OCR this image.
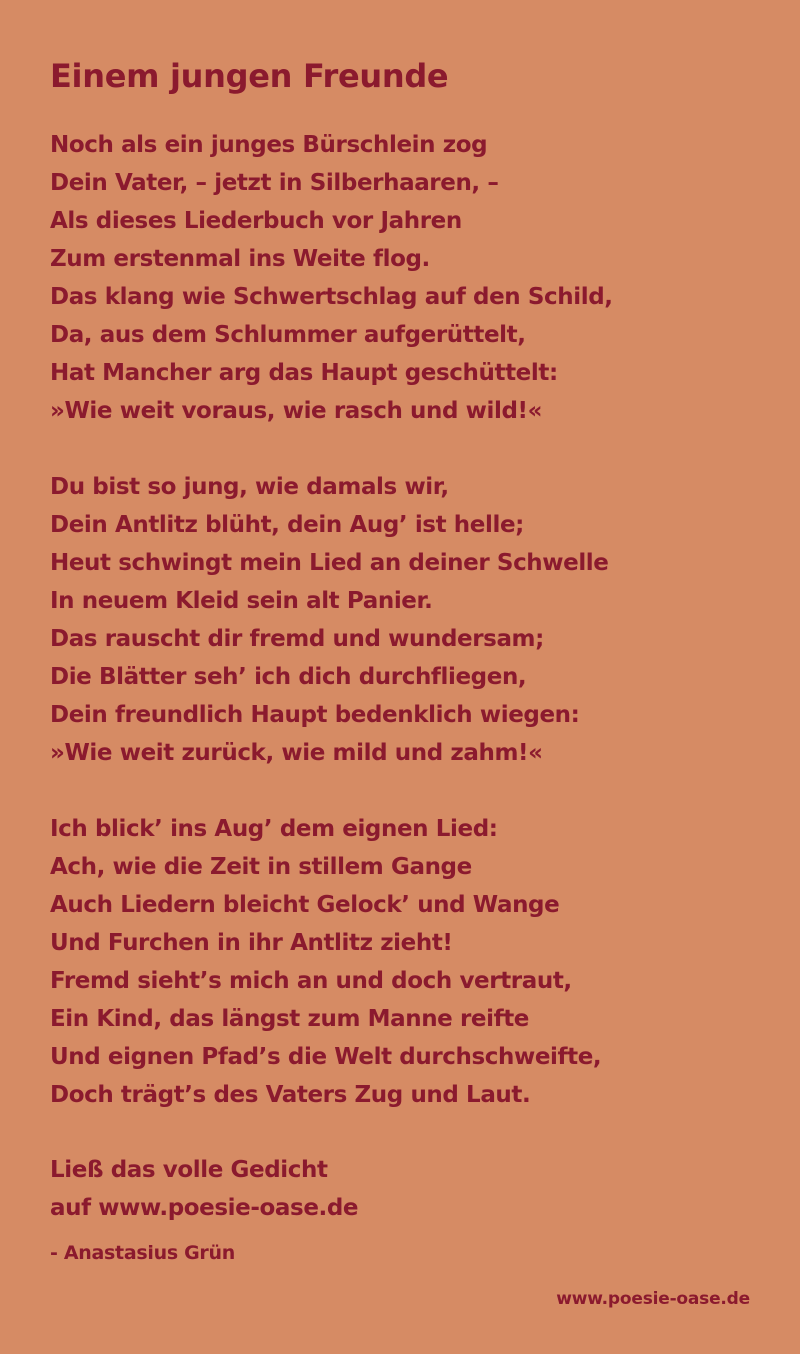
Einem jungen Freunde
Noch als ein junges Bürschlein zog
Dein Vater, – jetzt in Silberhaaren, –
Als dieses Liederbuch vor Jahren
Zum erstenmal ins Weite flog.
Das klang wie Schwertschlag auf den Schild,
Da, aus dem Schlummer aufgerüttelt,
Hat Mancher arg das Haupt geschüttelt:
»Wie weit voraus, wie rasch und wild!«
Du bist so jung, wie damals wir,
Dein Antlitz blüht, dein Aug’ ist helle;
Heut schwingt mein Lied an deiner Schwelle
In neuem Kleid sein alt Panier.
Das rauscht dir fremd und wundersam;
Die Blätter seh’ ich dich durchfliegen,
Dein freundlich Haupt bedenklich wiegen:
»Wie weit zurück, wie mild und zahm!«
Ich blick’ ins Aug’ dem eignen Lied:
Ach, wie die Zeit in stillem Gange
Auch Liedern bleicht Gelock’ und Wange
Und Furchen in ihr Antlitz zieht!
Fremd sieht’s mich an und doch vertraut,
Ein Kind, das längst zum Manne reifte
Und eignen Pfad’s die Welt durchschweifte,
Doch trägt’s des Vaters Zug und Laut.
Ließ das volle Gedicht
auf www.poesie-oase.de
- Anastasius Grün
www.poesie-oase.de
